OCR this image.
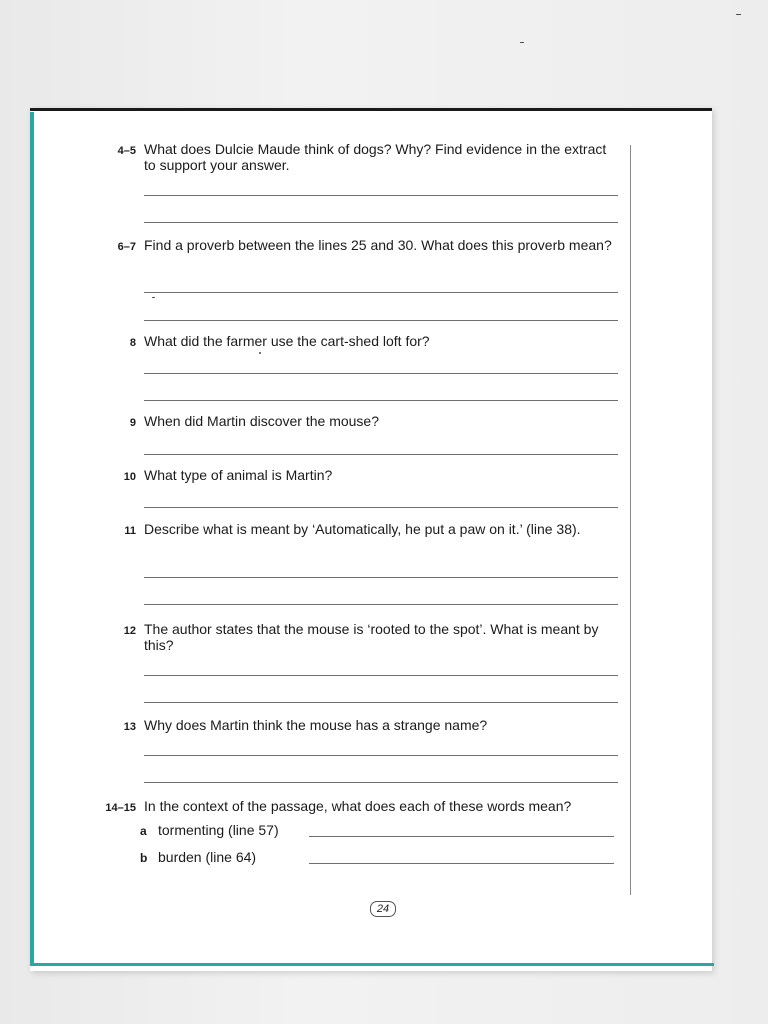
4–5 What does Dulcie Maude think of dogs? Why? Find evidence in the extract to support your answer.
6–7 Find a proverb between the lines 25 and 30. What does this proverb mean?
8 What did the farmer use the cart-shed loft for?
9 When did Martin discover the mouse?
10 What type of animal is Martin?
11 Describe what is meant by ‘Automatically, he put a paw on it.’ (line 38).
12 The author states that the mouse is ‘rooted to the spot’. What is meant by this?
13 Why does Martin think the mouse has a strange name?
14–15 In the context of the passage, what does each of these words mean?
a tormenting (line 57)
b burden (line 64)
24
